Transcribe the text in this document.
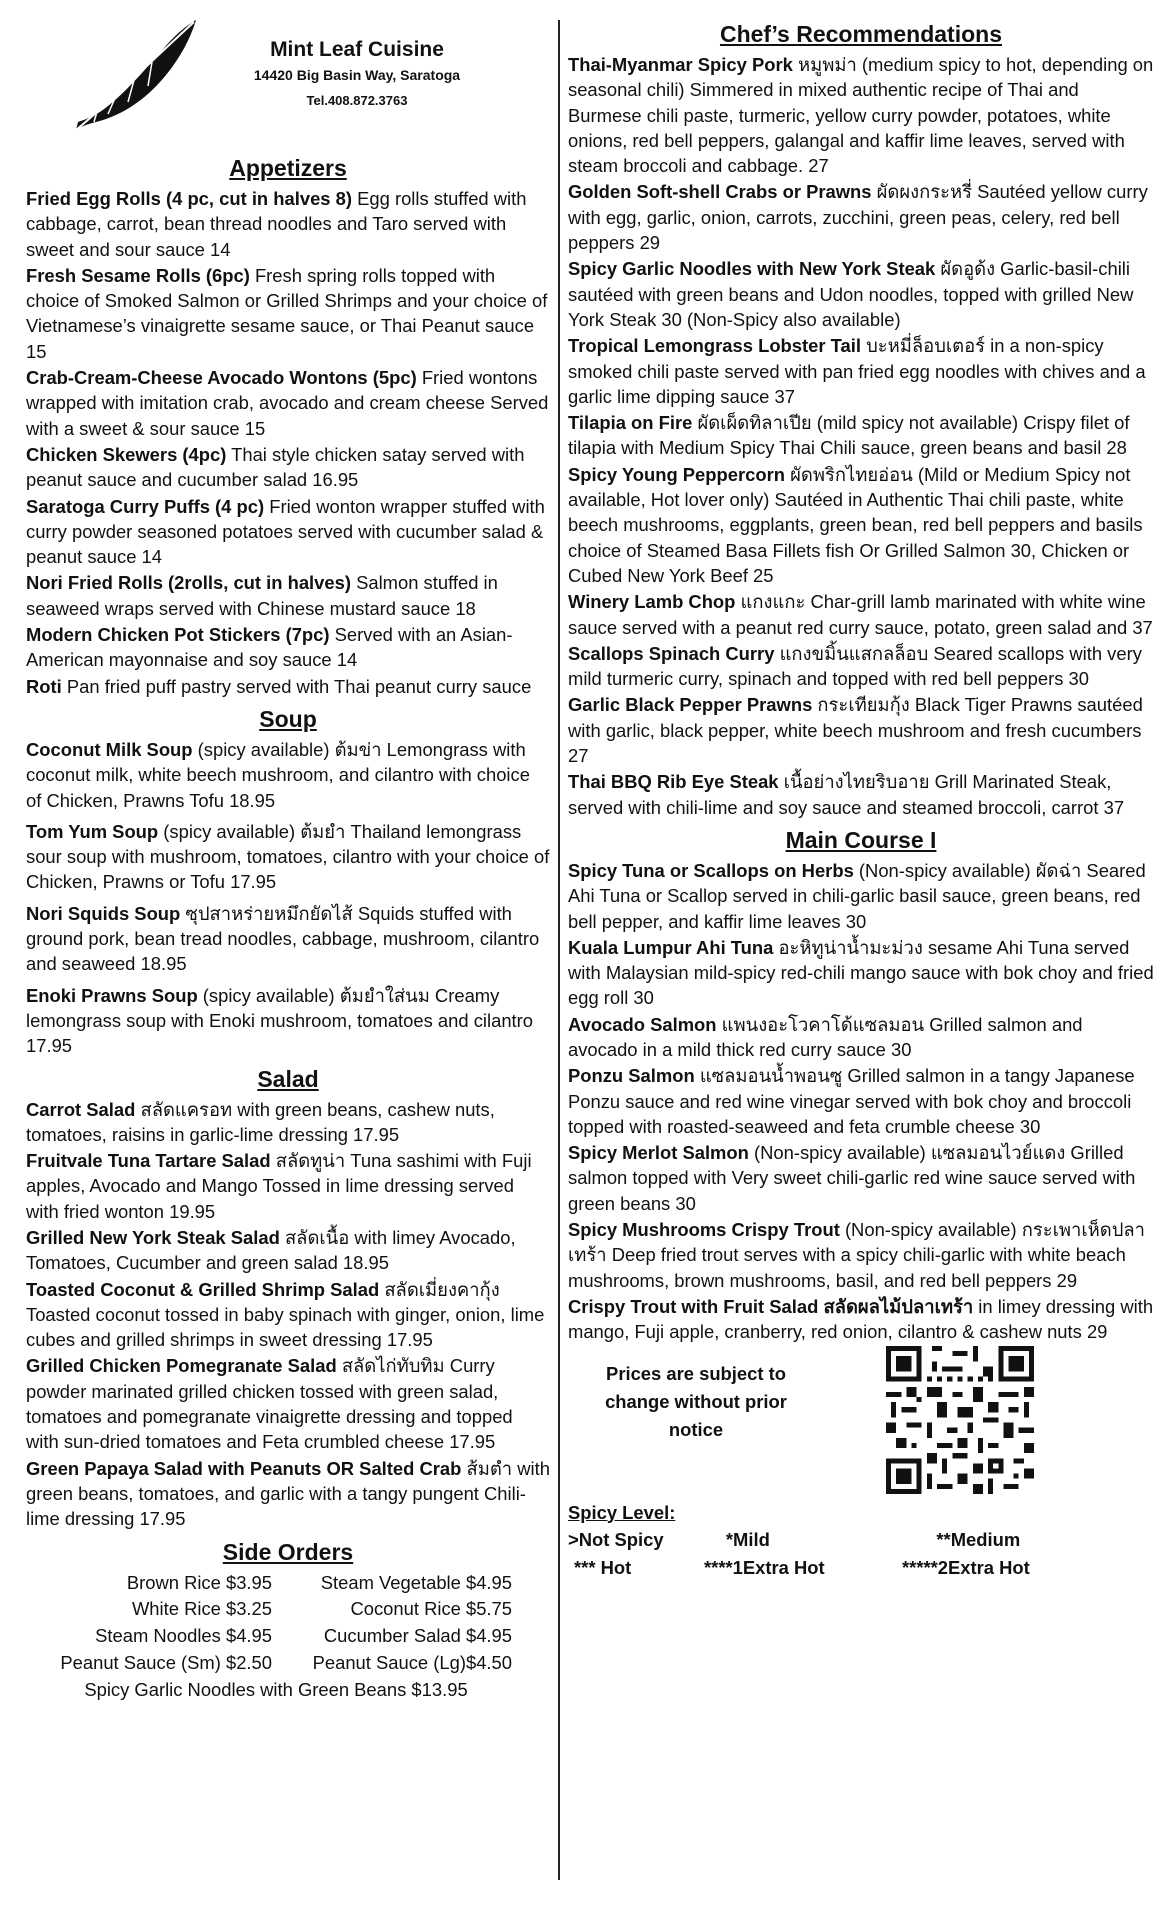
Mint Leaf Cuisine
14420 Big Basin Way, Saratoga
Tel.408.872.3763
Appetizers
Fried Egg Rolls (4 pc, cut in halves 8) Egg rolls stuffed with cabbage, carrot, bean thread noodles and Taro served with sweet and sour sauce 14
Fresh Sesame Rolls (6pc) Fresh spring rolls topped with choice of Smoked Salmon or Grilled Shrimps and your choice of Vietnamese’s vinaigrette sesame sauce, or Thai Peanut sauce 15
Crab-Cream-Cheese Avocado Wontons (5pc) Fried wontons wrapped with imitation crab, avocado and cream cheese Served with a sweet & sour sauce 15
Chicken Skewers (4pc) Thai style chicken satay served with peanut sauce and cucumber salad 16.95
Saratoga Curry Puffs (4 pc) Fried wonton wrapper stuffed with curry powder seasoned potatoes served with cucumber salad & peanut sauce 14
Nori Fried Rolls (2rolls, cut in halves) Salmon stuffed in seaweed wraps served with Chinese mustard sauce 18
Modern Chicken Pot Stickers (7pc) Served with an Asian-American mayonnaise and soy sauce 14
Roti Pan fried puff pastry served with Thai peanut curry sauce
Soup
Coconut Milk Soup (spicy available) ต้มข่า Lemongrass with coconut milk, white beech mushroom, and cilantro with choice of Chicken, Prawns Tofu 18.95
Tom Yum Soup (spicy available) ต้มยำ Thailand lemongrass sour soup with mushroom, tomatoes, cilantro with your choice of Chicken, Prawns or Tofu 17.95
Nori Squids Soup ซุปสาหร่ายหมึกยัดไส้ Squids stuffed with ground pork, bean tread noodles, cabbage, mushroom, cilantro and seaweed 18.95
Enoki Prawns Soup (spicy available) ต้มยำใส่นม Creamy lemongrass soup with Enoki mushroom, tomatoes and cilantro 17.95
Salad
Carrot Salad สลัดแครอท with green beans, cashew nuts, tomatoes, raisins in garlic-lime dressing 17.95
Fruitvale Tuna Tartare Salad สลัดทูน่า Tuna sashimi with Fuji apples, Avocado and Mango Tossed in lime dressing served with fried wonton 19.95
Grilled New York Steak Salad สลัดเนื้อ with limey Avocado, Tomatoes, Cucumber and green salad 18.95
Toasted Coconut & Grilled Shrimp Salad สลัดเมี่ยงคากุ้ง Toasted coconut tossed in baby spinach with ginger, onion, lime cubes and grilled shrimps in sweet dressing 17.95
Grilled Chicken Pomegranate Salad สลัดไก่ทับทิม Curry powder marinated grilled chicken tossed with green salad, tomatoes and pomegranate vinaigrette dressing and topped with sun-dried tomatoes and Feta crumbled cheese 17.95
Green Papaya Salad with Peanuts OR Salted Crab ส้มตำ with green beans, tomatoes, and garlic with a tangy pungent Chili-lime dressing 17.95
Side Orders
Brown Rice $3.95	Steam Vegetable $4.95
White Rice $3.25	Coconut Rice $5.75
Steam Noodles $4.95	Cucumber Salad $4.95
Peanut Sauce (Sm) $2.50	Peanut Sauce (Lg)$4.50
Spicy Garlic Noodles with Green Beans $13.95
Chef’s Recommendations
Thai-Myanmar Spicy Pork หมูพม่า (medium spicy to hot, depending on seasonal chili) Simmered in mixed authentic recipe of Thai and Burmese chili paste, turmeric, yellow curry powder, potatoes, white onions, red bell peppers, galangal and kaffir lime leaves, served with steam broccoli and cabbage. 27
Golden Soft-shell Crabs or Prawns ผัดผงกระหรี่ Sautéed yellow curry with egg, garlic, onion, carrots, zucchini, green peas, celery, red bell peppers 29
Spicy Garlic Noodles with New York Steak ผัดอูด้ง Garlic-basil-chili sautéed with green beans and Udon noodles, topped with grilled New York Steak 30 (Non-Spicy also available)
Tropical Lemongrass Lobster Tail บะหมี่ล็อบเตอร์ in a non-spicy smoked chili paste served with pan fried egg noodles with chives and a garlic lime dipping sauce 37
Tilapia on Fire ผัดเผ็ดทิลาเปีย (mild spicy not available) Crispy filet of tilapia with Medium Spicy Thai Chili sauce, green beans and basil 28
Spicy Young Peppercorn ผัดพริกไทยอ่อน (Mild or Medium Spicy not available, Hot lover only) Sautéed in Authentic Thai chili paste, white beech mushrooms, eggplants, green bean, red bell peppers and basils choice of Steamed Basa Fillets fish Or Grilled Salmon 30, Chicken or Cubed New York Beef 25
Winery Lamb Chop แกงแกะ Char-grill lamb marinated with white wine sauce served with a peanut red curry sauce, potato, green salad and 37
Scallops Spinach Curry แกงขมิ้นแสกลล็อบ Seared scallops with very mild turmeric curry, spinach and topped with red bell peppers 30
Garlic Black Pepper Prawns กระเทียมกุ้ง Black Tiger Prawns sautéed with garlic, black pepper, white beech mushroom and fresh cucumbers 27
Thai BBQ Rib Eye Steak เนื้อย่างไทยริบอาย Grill Marinated Steak, served with chili-lime and soy sauce and steamed broccoli, carrot 37
Main Course I
Spicy Tuna or Scallops on Herbs (Non-spicy available) ผัดฉ่า Seared Ahi Tuna or Scallop served in chili-garlic basil sauce, green beans, red bell pepper, and kaffir lime leaves 30
Kuala Lumpur Ahi Tuna อะหิทูน่าน้ำมะม่วง sesame Ahi Tuna served with Malaysian mild-spicy red-chili mango sauce with bok choy and fried egg roll 30
Avocado Salmon แพนงอะโวคาโด้แซลมอน Grilled salmon and avocado in a mild thick red curry sauce 30
Ponzu Salmon แซลมอนน้ำพอนซู Grilled salmon in a tangy Japanese Ponzu sauce and red wine vinegar served with bok choy and broccoli topped with roasted-seaweed and feta crumble cheese 30
Spicy Merlot Salmon (Non-spicy available) แซลมอนไวย์แดง Grilled salmon topped with Very sweet chili-garlic red wine sauce served with green beans 30
Spicy Mushrooms Crispy Trout (Non-spicy available) กระเพาเห็ดปลาเทร้า Deep fried trout serves with a spicy chili-garlic with white beach mushrooms, brown mushrooms, basil, and red bell peppers 29
Crispy Trout with Fruit Salad สลัดผลไม้ปลาเทร้า in limey dressing with mango, Fuji apple, cranberry, red onion, cilantro & cashew nuts 29
Prices are subject to change without prior notice
Spicy Level:
>Not Spicy	*Mild	**Medium
*** Hot	****1Extra Hot	*****2Extra Hot
